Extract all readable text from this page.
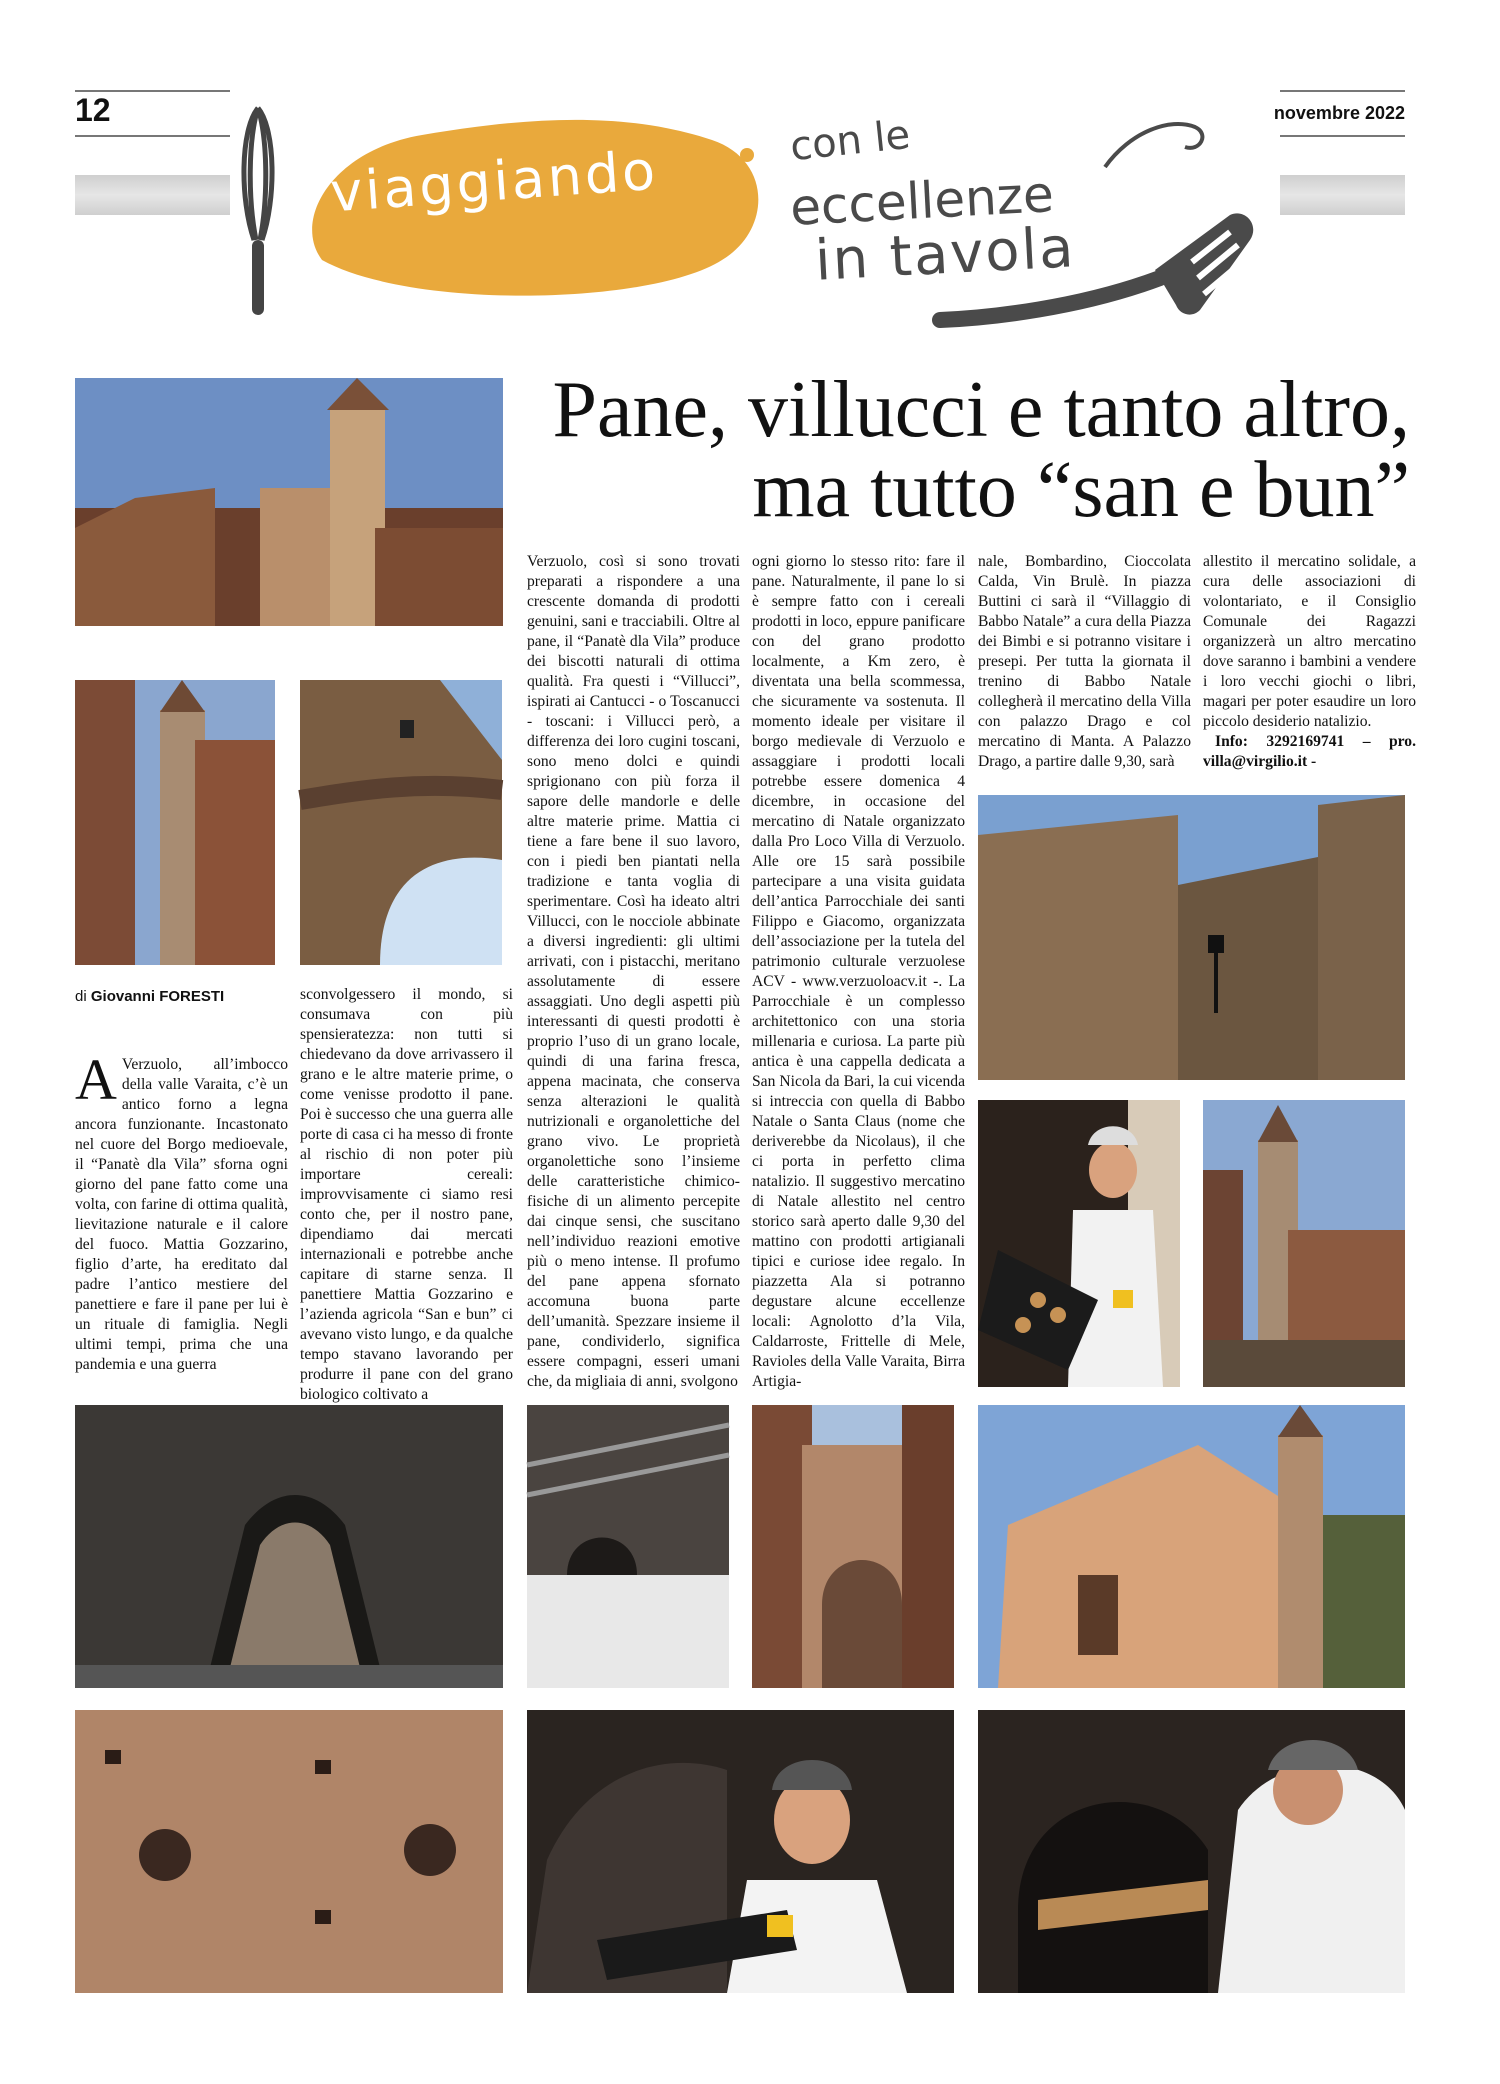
12	novembre 2022
viaggiando	con le
eccellenze
in tavola
Pane, villucci e tanto altro,
ma tutto “san e bun”
di Giovanni FORESTI
A Verzuolo, all’imbocco della valle Varaita, c’è un antico forno a legna ancora funzionante. Incastonato nel cuore del Borgo medioevale, il “Panatè dla Vila” sforna ogni giorno del pane fatto come una volta, con farine di ottima qualità, lievitazione naturale e il calore del fuoco. Mattia Gozzarino, figlio d’arte, ha ereditato dal padre l’antico mestiere del panettiere e fare il pane per lui è un rituale di famiglia. Negli ultimi tempi, prima che una pandemia e una guerra

sconvolgessero il mondo, si consumava con più spensieratezza: non tutti si chiedevano da dove arrivassero il grano e le altre materie prime, o come venisse prodotto il pane. Poi è successo che una guerra alle porte di casa ci ha messo di fronte al rischio di non poter più importare cereali: improvvisamente ci siamo resi conto che, per il nostro pane, dipendiamo dai mercati internazionali e potrebbe anche capitare di starne senza. Il panettiere Mattia Gozzarino e l’azienda agricola “San e bun” ci avevano visto lungo, e da qualche tempo stavano lavorando per produrre il pane con del grano biologico coltivato a

Verzuolo, così si sono trovati preparati a rispondere a una crescente domanda di prodotti genuini, sani e tracciabili. Oltre al pane, il “Panatè dla Vila” produce dei biscotti naturali di ottima qualità. Fra questi i “Villucci”, ispirati ai Cantucci - o Toscanucci - toscani: i Villucci però, a differenza dei loro cugini toscani, sono meno dolci e quindi sprigionano con più forza il sapore delle mandorle e delle altre materie prime. Mattia ci tiene a fare bene il suo lavoro, con i piedi ben piantati nella tradizione e tanta voglia di sperimentare. Così ha ideato altri Villucci, con le nocciole abbinate a diversi ingredienti: gli ultimi arrivati, con i pistacchi, meritano assolutamente di essere assaggiati. Uno degli aspetti più interessanti di questi prodotti è proprio l’uso di un grano locale, quindi di una farina fresca, appena macinata, che conserva senza alterazioni le qualità nutrizionali e organolettiche del grano vivo. Le proprietà organolettiche sono l’insieme delle caratteristiche chimico-fisiche di un alimento percepite dai cinque sensi, che suscitano nell’individuo reazioni emotive più o meno intense. Il profumo del pane appena sfornato accomuna buona parte dell’umanità. Spezzare insieme il pane, condividerlo, significa essere compagni, esseri umani che, da migliaia di anni, svolgono

ogni giorno lo stesso rito: fare il pane. Naturalmente, il pane lo si è sempre fatto con i cereali prodotti in loco, eppure panificare con del grano prodotto localmente, a Km zero, è diventata una bella scommessa, che sicuramente va sostenuta. Il momento ideale per visitare il borgo medievale di Verzuolo e assaggiare i prodotti locali potrebbe essere domenica 4 dicembre, in occasione del mercatino di Natale organizzato dalla Pro Loco Villa di Verzuolo. Alle ore 15 sarà possibile partecipare a una visita guidata dell’antica Parrocchiale dei santi Filippo e Giacomo, organizzata dell’associazione per la tutela del patrimonio culturale verzuolese ACV - www.verzuoloacv.it -. La Parrocchiale è un complesso architettonico con una storia millenaria e curiosa. La parte più antica è una cappella dedicata a San Nicola da Bari, la cui vicenda si intreccia con quella di Babbo Natale o Santa Claus (nome che deriverebbe da Nicolaus), il che ci porta in perfetto clima natalizio. Il suggestivo mercatino di Natale allestito nel centro storico sarà aperto dalle 9,30 del mattino con prodotti artigianali tipici e curiose idee regalo. In piazzetta Ala si potranno degustare alcune eccellenze locali: Agnolotto d’la Vila, Caldarroste, Frittelle di Mele, Ravioles della Valle Varaita, Birra Artigia-

nale, Bombardino, Cioccolata Calda, Vin Brulè. In piazza Buttini ci sarà il “Villaggio di Babbo Natale” a cura della Piazza dei Bimbi e si potranno visitare i presepi. Per tutta la giornata il trenino di Babbo Natale collegherà il mercatino della Villa con palazzo Drago e col mercatino di Manta. A Palazzo Drago, a partire dalle 9,30, sarà

allestito il mercatino solidale, a cura delle associazioni di volontariato, e il Consiglio Comunale dei Ragazzi organizzerà un altro mercatino dove saranno i bambini a vendere i loro vecchi giochi o libri, magari per poter esaudire un loro piccolo desiderio natalizio.
Info: 3292169741 – pro. villa@virgilio.it -
